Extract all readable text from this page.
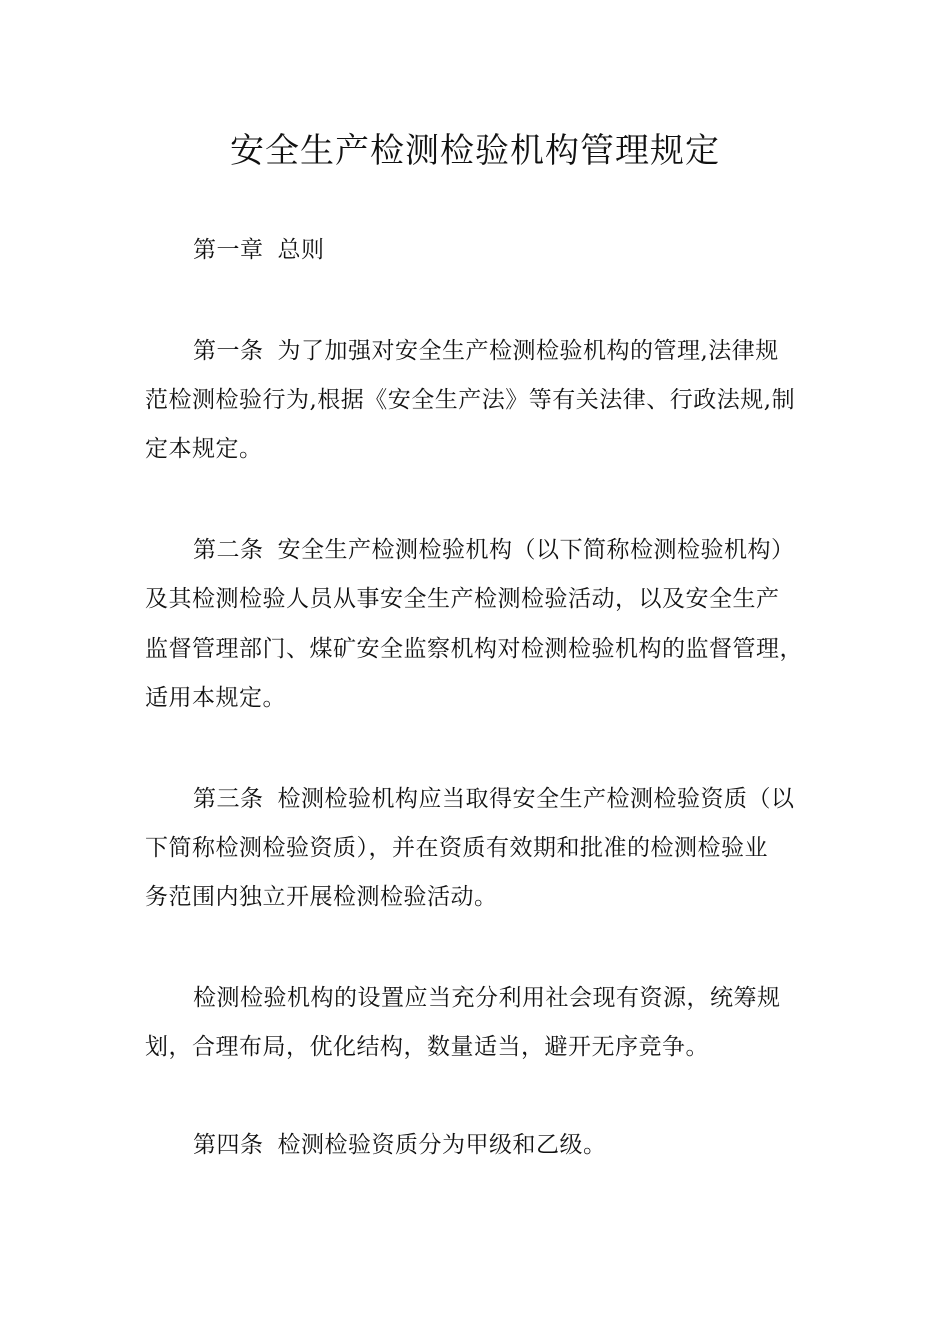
安全生产检测检验机构管理规定
第一章 总则
第一条 为了加强对安全生产检测检验机构的管理,法律规
范检测检验行为,根据《安全生产法》等有关法律、行政法规,制
定本规定。
第二条 安全生产检测检验机构（以下简称检测检验机构）
及其检测检验人员从事安全生产检测检验活动，以及安全生产
监督管理部门、煤矿安全监察机构对检测检验机构的监督管理，
适用本规定。
第三条 检测检验机构应当取得安全生产检测检验资质（以
下简称检测检验资质），并在资质有效期和批准的检测检验业
务范围内独立开展检测检验活动。
检测检验机构的设置应当充分利用社会现有资源，统筹规
划，合理布局，优化结构，数量适当，避开无序竞争。
第四条 检测检验资质分为甲级和乙级。
